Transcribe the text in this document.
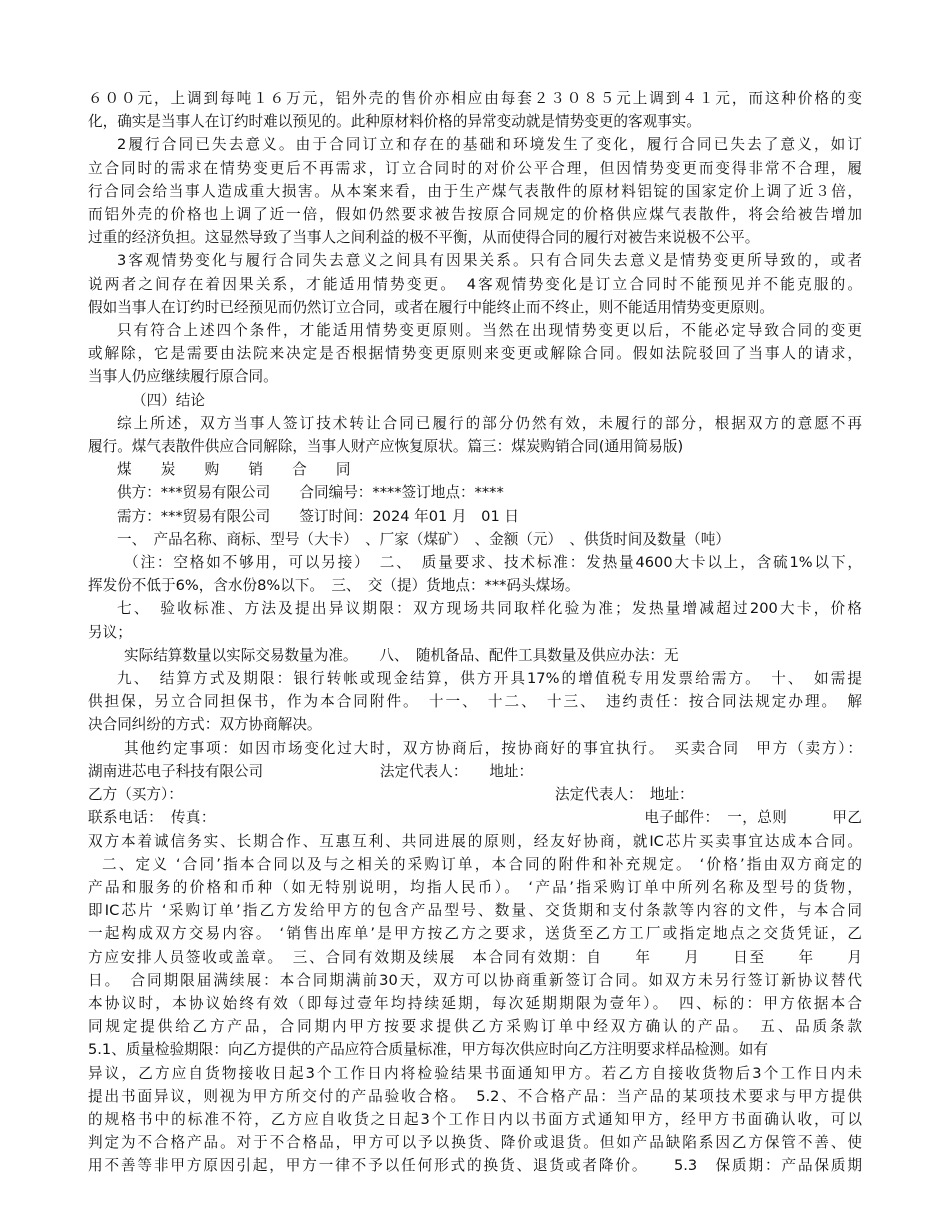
６００元，上调到每吨１６万元，铝外壳的售价亦相应由每套２３０８５元上调到４１元，而这种价格的变

化，确实是当事人在订约时难以预见的。此种原材料价格的异常变动就是情势变更的客观事实。

2履行合同已失去意义。由于合同订立和存在的基础和环境发生了变化，履行合同已失去了意义，如订

立合同时的需求在情势变更后不再需求，订立合同时的对价公平合理，但因情势变更而变得非常不合理，履

行合同会给当事人造成重大损害。从本案来看，由于生产煤气表散件的原材料铝锭的国家定价上调了近３倍，

而铝外壳的价格也上调了近一倍，假如仍然要求被告按原合同规定的价格供应煤气表散件，将会给被告增加

过重的经济负担。这显然导致了当事人之间利益的极不平衡，从而使得合同的履行对被告来说极不公平。

3客观情势变化与履行合同失去意义之间具有因果关系。只有合同失去意义是情势变更所导致的，或者

说两者之间存在着因果关系，才能适用情势变更。　4客观情势变化是订立合同时不能预见并不能克服的。

假如当事人在订约时已经预见而仍然订立合同，或者在履行中能终止而不终止，则不能适用情势变更原则。

只有符合上述四个条件，才能适用情势变更原则。当然在出现情势变更以后，不能必定导致合同的变更

或解除，它是需要由法院来决定是否根据情势变更原则来变更或解除合同。假如法院驳回了当事人的请求，

当事人仍应继续履行原合同。

（四）结论

综上所述，双方当事人签订技术转让合同已履行的部分仍然有效，未履行的部分，根据双方的意愿不再

履行。煤气表散件供应合同解除，当事人财产应恢复原状。篇三：煤炭购销合同(通用简易版)

煤　　炭　　购　　销　　合　　同

供方：***贸易有限公司　　合同编号：****签订地点：****

需方：***贸易有限公司　　签订时间：2024 年01 月　01 日

一、　产品名称、商标、型号（大卡）　、厂家（煤矿）　、金额（元）　、供货时间及数量（吨）

（注：空格如不够用，可以另接）　二、　质量要求、技术标准：发热量4600大卡以上，含硫1%以下，

挥发份不低于6%，含水份8%以下。　三、　交（提）货地点：***码头煤场。

七、　验收标准、方法及提出异议期限：双方现场共同取样化验为准；发热量增减超过200大卡，价格

另议；

实际结算数量以实际交易数量为准。　　八、　随机备品、配件工具数量及供应办法：无

九、　结算方式及期限：银行转帐或现金结算，供方开具17%的增值税专用发票给需方。　十、　如需提

供担保，另立合同担保书，作为本合同附件。　十一、　十二、　十三、　违约责任：按合同法规定办理。　解

决合同纠纷的方式：双方协商解决。

其他约定事项：如因市场变化过大时，双方协商后，按协商好的事宜执行。　买卖合同　甲方（卖方）：

湖南进芯电子科技有限公司　　　　　　　　法定代表人：　　地址：

乙方（买方）：　　　　　　　　　　　　　　　　　　　　　　　　　　法定代表人：　地址：

联系电话：　传真：　　　　　　　　　　　　　　　　　　　　　　　　　　　　　电子邮件：　一，总则　　　甲乙

双方本着诚信务实、长期合作、互惠互利、共同进展的原则，经友好协商，就IC芯片买卖事宜达成本合同。

二、定义 ‘合同’指本合同以及与之相关的采购订单，本合同的附件和补充规定。 ‘价格’指由双方商定的

产品和服务的价格和币种（如无特别说明，均指人民币）。 ‘产品’指采购订单中所列名称及型号的货物，

即IC芯片 ‘采购订单’指乙方发给甲方的包含产品型号、数量、交货期和支付条款等内容的文件，与本合同

一起构成双方交易内容。 ‘销售出库单’是甲方按乙方之要求，送货至乙方工厂或指定地点之交货凭证，乙

方应安排人员签收或盖章。　三、合同有效期及续展　本合同有效期：自　　年　　月　　日至　　年　　月

日。　合同期限届满续展：本合同期满前30天，双方可以协商重新签订合同。如双方未另行签订新协议替代

本协议时，本协议始终有效（即每过壹年均持续延期，每次延期期限为壹年）。　四、标的：甲方依据本合

同规定提供给乙方产品，合同期内甲方按要求提供乙方采购订单中经双方确认的产品。　五、品质条款

5.1、质量检验期限：向乙方提供的产品应符合质量标准，甲方每次供应时向乙方注明要求样品检测。如有

异议，乙方应自货物接收日起3个工作日内将检验结果书面通知甲方。若乙方自接收货物后3个工作日内未

提出书面异议，则视为甲方所交付的产品验收合格。　5.2、不合格产品：当产品的某项技术要求与甲方提供

的规格书中的标准不符，乙方应自收货之日起3个工作日内以书面方式通知甲方，经甲方书面确认收，可以

判定为不合格产品。对于不合格品，甲方可以予以换货、降价或退货。但如产品缺陷系因乙方保管不善、使

用不善等非甲方原因引起，甲方一律不予以任何形式的换货、退货或者降价。　　5.3　保质期：产品保质期
